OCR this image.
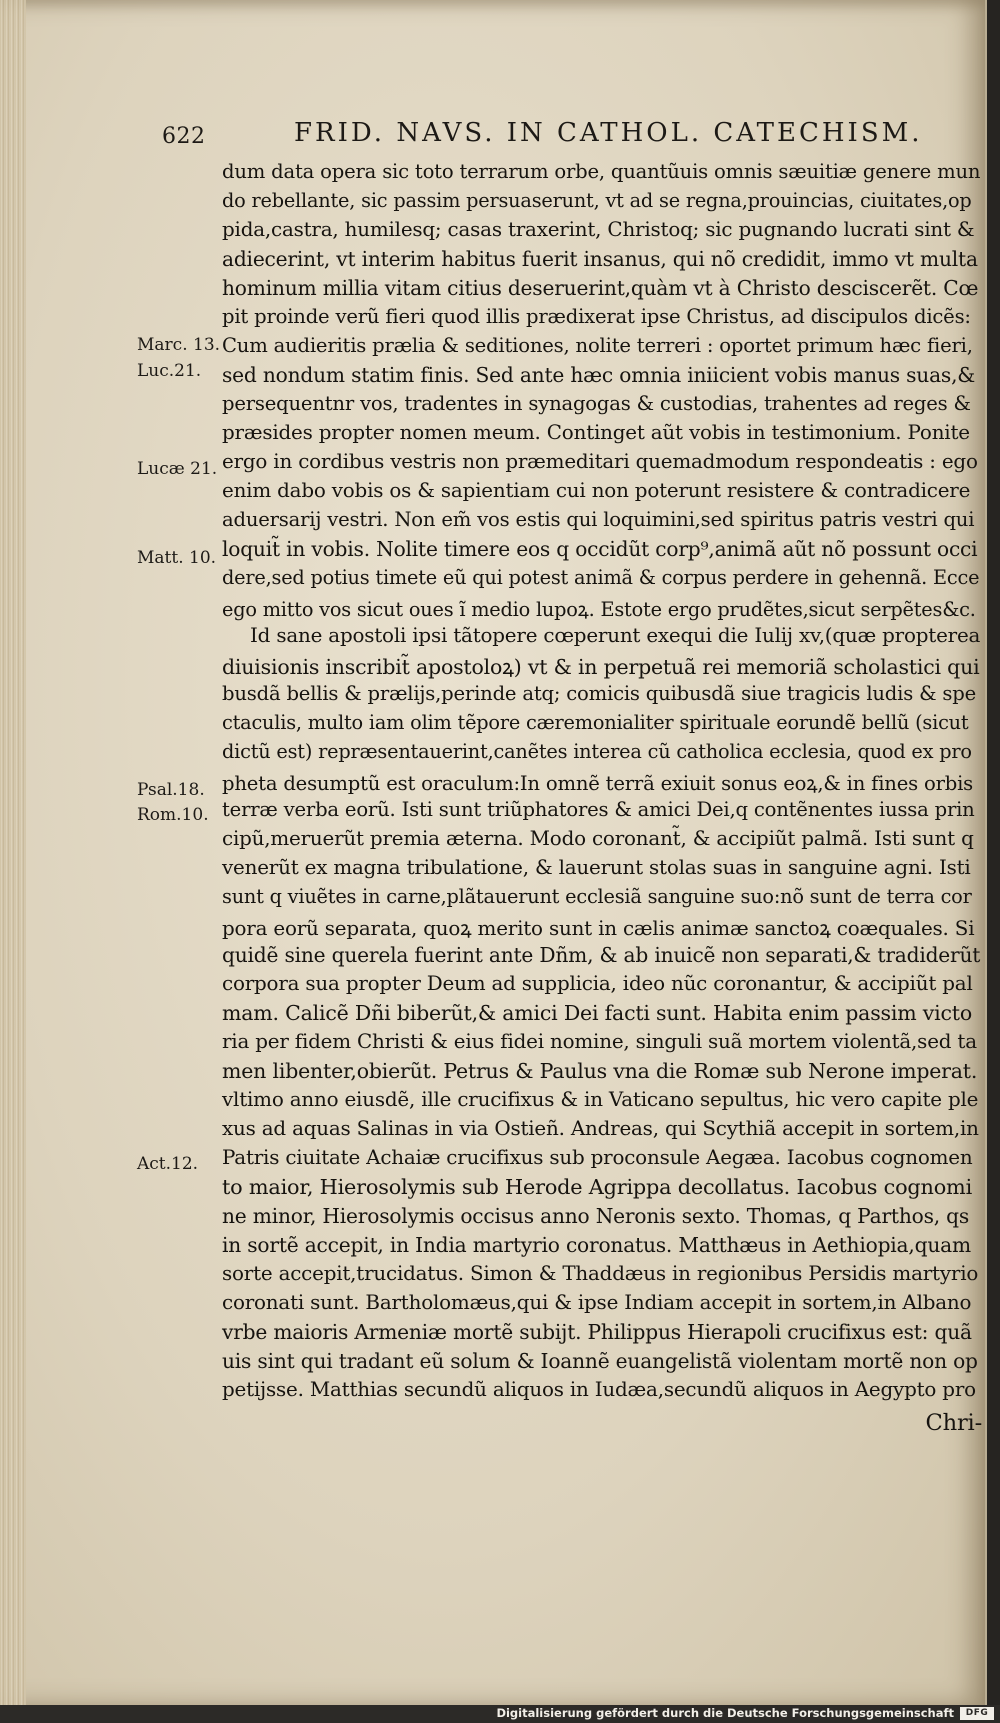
622	FRID. NAVS. IN CATHOL. CATECHISM.
Marc. 13.
Luc.21.
Lucæ 21.
Matt. 10.
Psal.18.
Rom.10.
Act.12.
dum data opera sic toto terrarum orbe, quantũuis omnis sæuitiæ genere mun
do rebellante, sic passim persuaserunt, vt ad se regna,prouincias, ciuitates,op
pida,castra, humilesq; casas traxerint, Christoq; sic pugnando lucrati sint &
adiecerint, vt interim habitus fuerit insanus, qui nõ credidit, immo vt multa
hominum millia vitam citius deseruerint,quàm vt à Christo desciscerẽt. Cœ
pit proinde verũ fieri quod illis prædixerat ipse Christus, ad discipulos dicẽs:
Cum audieritis prælia & seditiones, nolite terreri : oportet primum hæc fieri,
sed nondum statim finis. Sed ante hæc omnia iniicient vobis manus suas,&
persequentnr vos, tradentes in synagogas & custodias, trahentes ad reges &
præsides propter nomen meum. Continget aũt vobis in testimonium. Ponite
ergo in cordibus vestris non præmeditari quemadmodum respondeatis : ego
enim dabo vobis os & sapientiam cui non poterunt resistere & contradicere
aduersarij vestri. Non em̃ vos estis qui loquimini,sed spiritus patris vestri qui
loquit̃ in vobis. Nolite timere eos q occidũt corp⁹,animã aũt nõ possunt occi
dere,sed potius timete eũ qui potest animã & corpus perdere in gehennã. Ecce
ego mitto vos sicut oues ĩ medio lupoꝝ. Estote ergo prudẽtes,sicut serpẽtes&c.
Id sane apostoli ipsi tãtopere cœperunt exequi die Iulij xv,(quæ propterea
diuisionis inscribit̃ apostoloꝝ) vt & in perpetuã rei memoriã scholastici qui
busdã bellis & prælijs,perinde atq; comicis quibusdã siue tragicis ludis & spe
ctaculis, multo iam olim tẽpore cæremonialiter spirituale eorundẽ bellũ (sicut
dictũ est) repræsentauerint,canẽtes interea cũ catholica ecclesia, quod ex pro
pheta desumptũ est oraculum:In omnẽ terrã exiuit sonus eoꝝ,& in fines orbis
terræ verba eorũ. Isti sunt triũphatores & amici Dei,q contẽnentes iussa prin
cipũ,meruerũt premia æterna. Modo coronant̃, & accipiũt palmã. Isti sunt q
venerũt ex magna tribulatione, & lauerunt stolas suas in sanguine agni. Isti
sunt q viuẽtes in carne,plãtauerunt ecclesiã sanguine suo:nõ sunt de terra cor
pora eorũ separata, quoꝝ merito sunt in cælis animæ sanctoꝝ coæquales. Si
quidẽ sine querela fuerint ante Dñm, & ab inuicẽ non separati,& tradiderũt
corpora sua propter Deum ad supplicia, ideo nũc coronantur, & accipiũt pal
mam. Calicẽ Dñi biberũt,& amici Dei facti sunt. Habita enim passim victo
ria per fidem Christi & eius fidei nomine, singuli suã mortem violentã,sed ta
men libenter,obierũt. Petrus & Paulus vna die Romæ sub Nerone imperat.
vltimo anno eiusdẽ, ille crucifixus & in Vaticano sepultus, hic vero capite ple
xus ad aquas Salinas in via Ostieñ. Andreas, qui Scythiã accepit in sortem,in
Patris ciuitate Achaiæ crucifixus sub proconsule Aegæa. Iacobus cognomen
to maior, Hierosolymis sub Herode Agrippa decollatus. Iacobus cognomi
ne minor, Hierosolymis occisus anno Neronis sexto. Thomas, q Parthos, qs
in sortẽ accepit, in India martyrio coronatus. Matthæus in Aethiopia,quam
sorte accepit,trucidatus. Simon & Thaddæus in regionibus Persidis martyrio
coronati sunt. Bartholomæus,qui & ipse Indiam accepit in sortem,in Albano
vrbe maioris Armeniæ mortẽ subijt. Philippus Hierapoli crucifixus est: quã
uis sint qui tradant eũ solum & Ioannẽ euangelistã violentam mortẽ non op
petijsse. Matthias secundũ aliquos in Iudæa,secundũ aliquos in Aegypto pro
Chri-
Digitalisierung gefördert durch die Deutsche Forschungsgemeinschaft	DFG
